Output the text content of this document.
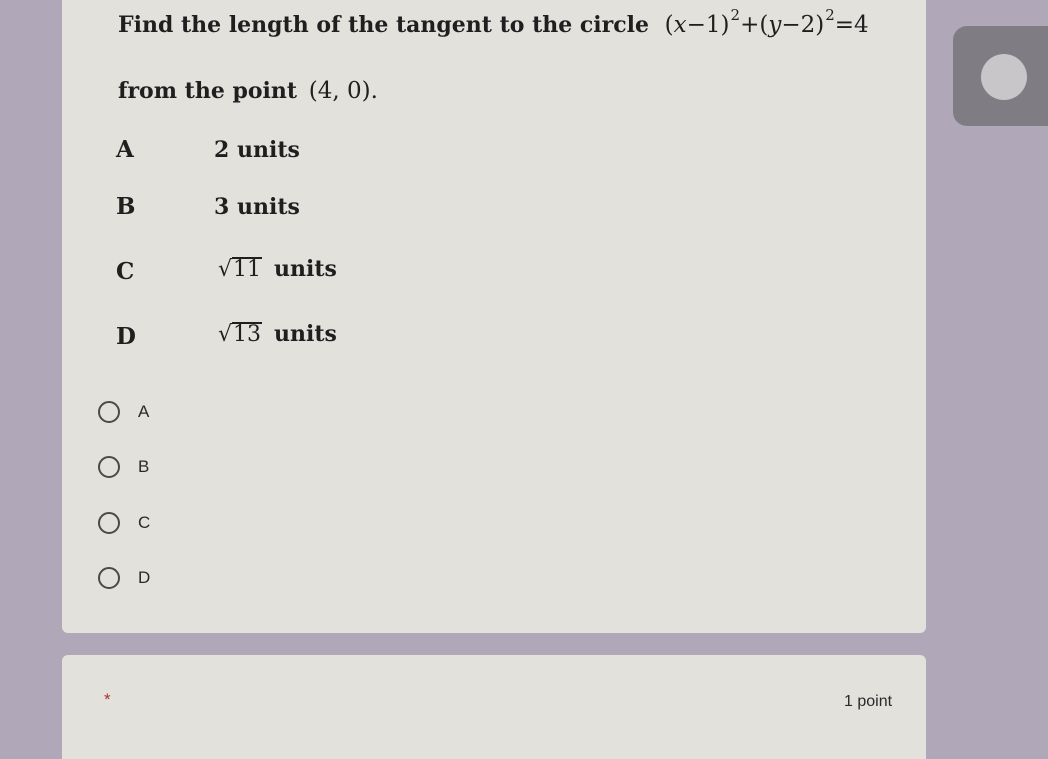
Find the length of the tangent to the circle $(x-1)^2+(y-2)^2=4$
from the point (4, 0).
A	2 units
B	3 units
C	√11 units
D	√13 units
A
B
C
D
*	1 point
